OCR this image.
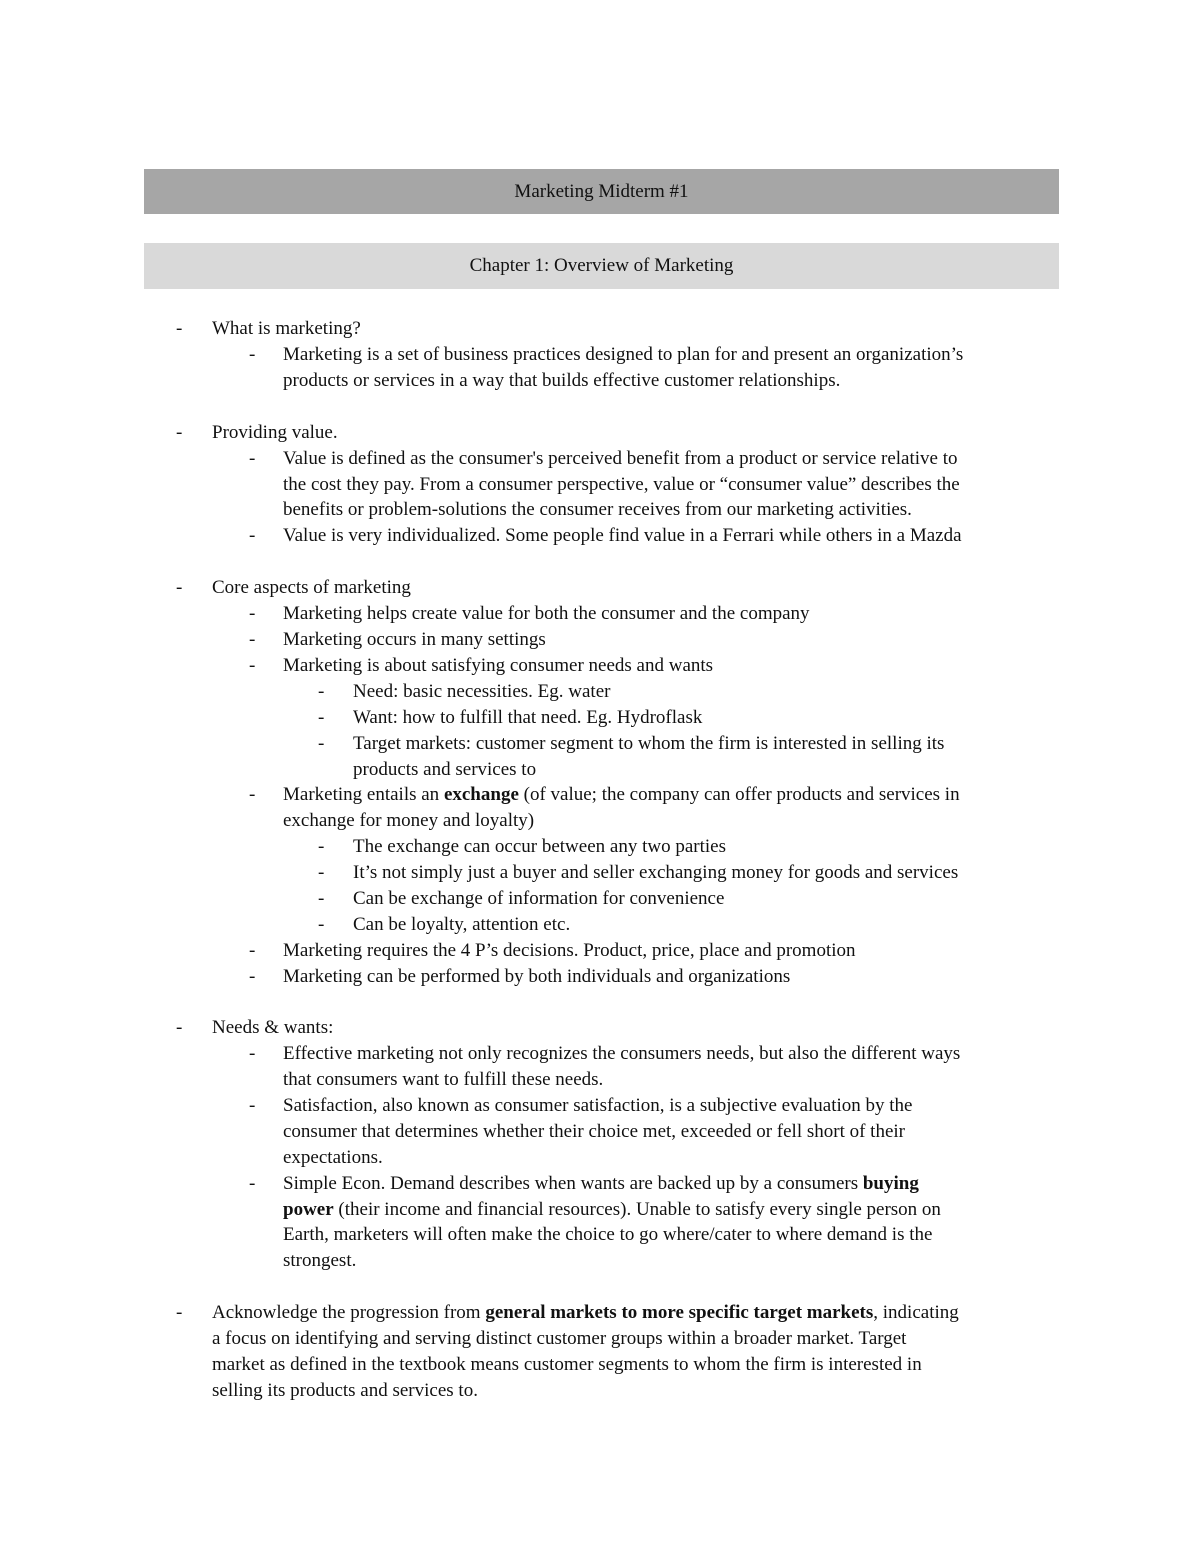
Marketing Midterm #1
Chapter 1: Overview of Marketing
- What is marketing?
- Marketing is a set of business practices designed to plan for and present an organization’s
products or services in a way that builds effective customer relationships.
- Providing value.
- Value is defined as the consumer's perceived benefit from a product or service relative to
the cost they pay. From a consumer perspective, value or “consumer value” describes the
benefits or problem-solutions the consumer receives from our marketing activities.
- Value is very individualized. Some people find value in a Ferrari while others in a Mazda
- Core aspects of marketing
- Marketing helps create value for both the consumer and the company
- Marketing occurs in many settings
- Marketing is about satisfying consumer needs and wants
- Need: basic necessities. Eg. water
- Want: how to fulfill that need. Eg. Hydroflask
- Target markets: customer segment to whom the firm is interested in selling its
products and services to
- Marketing entails an exchange (of value; the company can offer products and services in
exchange for money and loyalty)
- The exchange can occur between any two parties
- It’s not simply just a buyer and seller exchanging money for goods and services
- Can be exchange of information for convenience
- Can be loyalty, attention etc.
- Marketing requires the 4 P’s decisions. Product, price, place and promotion
- Marketing can be performed by both individuals and organizations
- Needs & wants:
- Effective marketing not only recognizes the consumers needs, but also the different ways
that consumers want to fulfill these needs.
- Satisfaction, also known as consumer satisfaction, is a subjective evaluation by the
consumer that determines whether their choice met, exceeded or fell short of their
expectations.
- Simple Econ. Demand describes when wants are backed up by a consumers buying
power (their income and financial resources). Unable to satisfy every single person on
Earth, marketers will often make the choice to go where/cater to where demand is the
strongest.
- Acknowledge the progression from general markets to more specific target markets, indicating
a focus on identifying and serving distinct customer groups within a broader market. Target
market as defined in the textbook means customer segments to whom the firm is interested in
selling its products and services to.
